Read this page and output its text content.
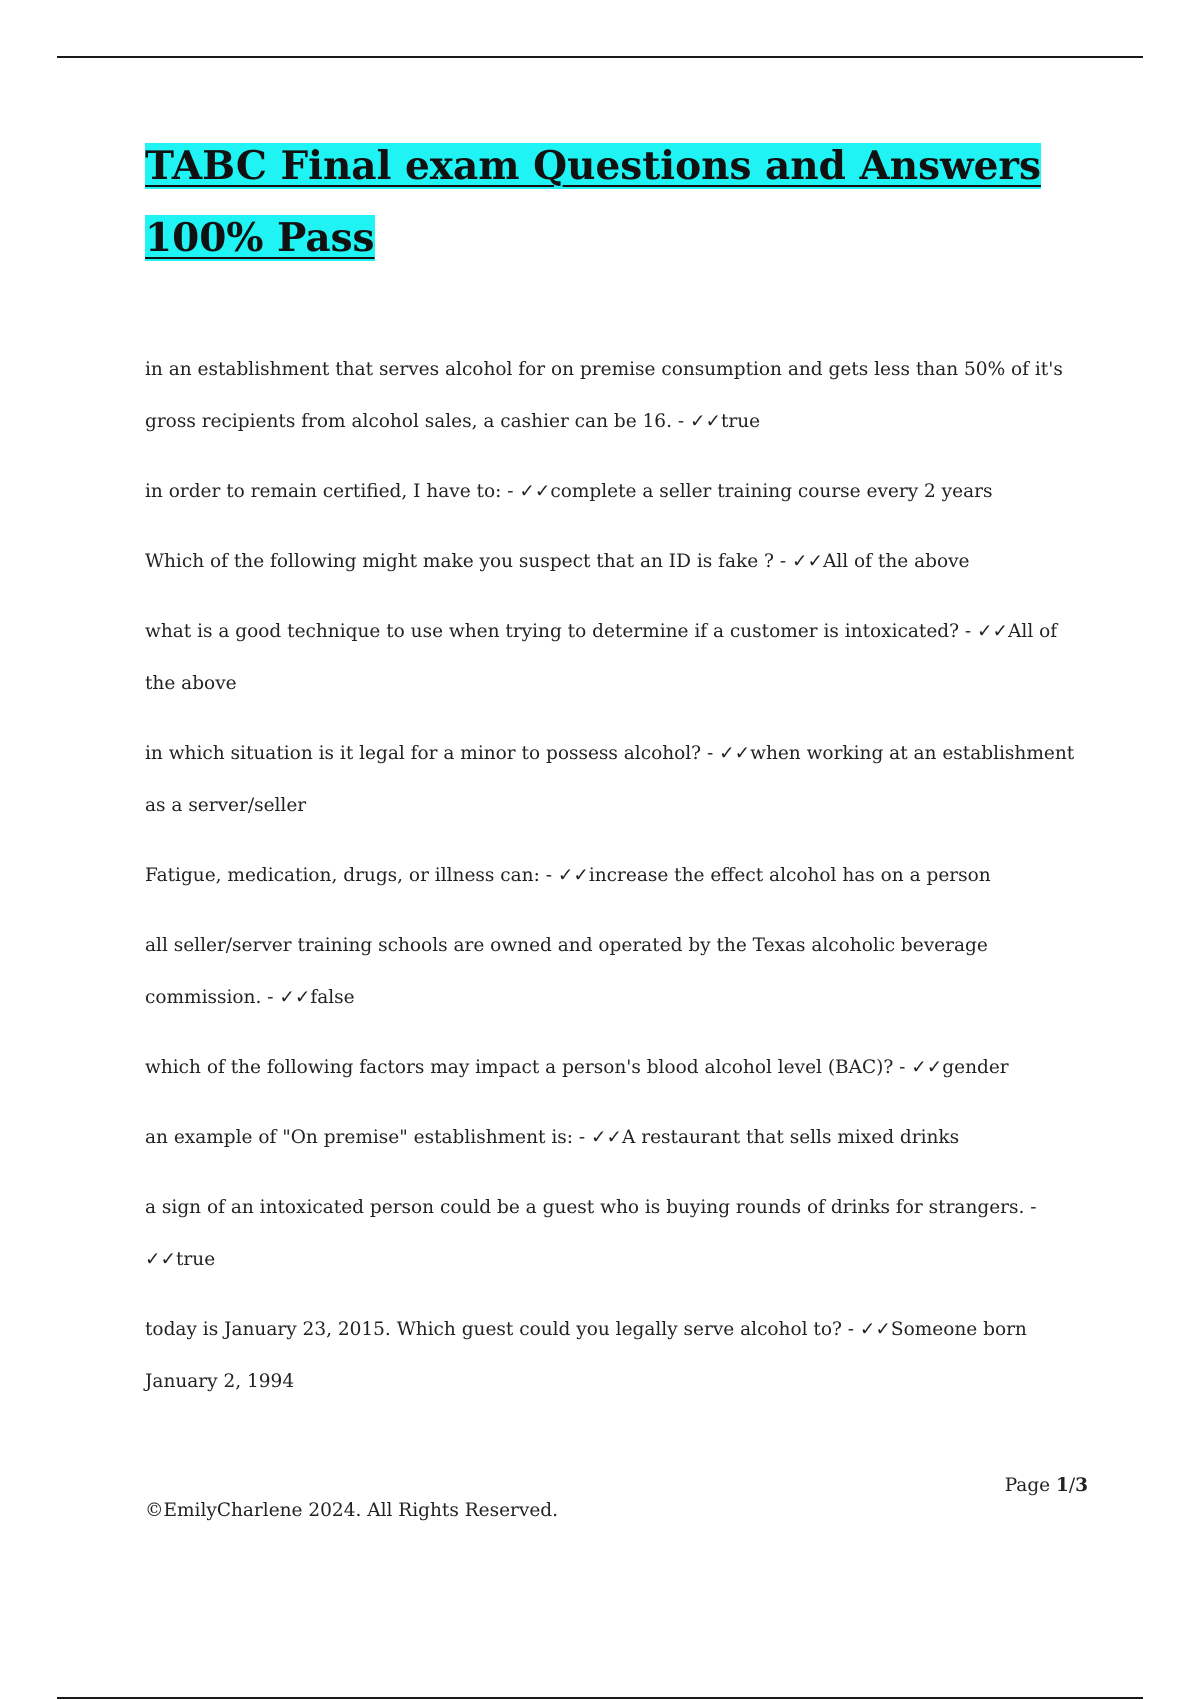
TABC Final exam Questions and Answers 100% Pass
in an establishment that serves alcohol for on premise consumption and gets less than 50% of it's gross recipients from alcohol sales, a cashier can be 16. - ✓✓true
in order to remain certified, I have to: - ✓✓complete a seller training course every 2 years
Which of the following might make you suspect that an ID is fake ? - ✓✓All of the above
what is a good technique to use when trying to determine if a customer is intoxicated? - ✓✓All of the above
in which situation is it legal for a minor to possess alcohol? - ✓✓when working at an establishment as a server/seller
Fatigue, medication, drugs, or illness can: - ✓✓increase the effect alcohol has on a person
all seller/server training schools are owned and operated by the Texas alcoholic beverage commission. - ✓✓false
which of the following factors may impact a person's blood alcohol level (BAC)? - ✓✓gender
an example of "On premise" establishment is: - ✓✓A restaurant that sells mixed drinks
a sign of an intoxicated person could be a guest who is buying rounds of drinks for strangers. - ✓✓true
today is January 23, 2015. Which guest could you legally serve alcohol to? - ✓✓Someone born January 2, 1994
Page 1/3
©EmilyCharlene 2024. All Rights Reserved.
